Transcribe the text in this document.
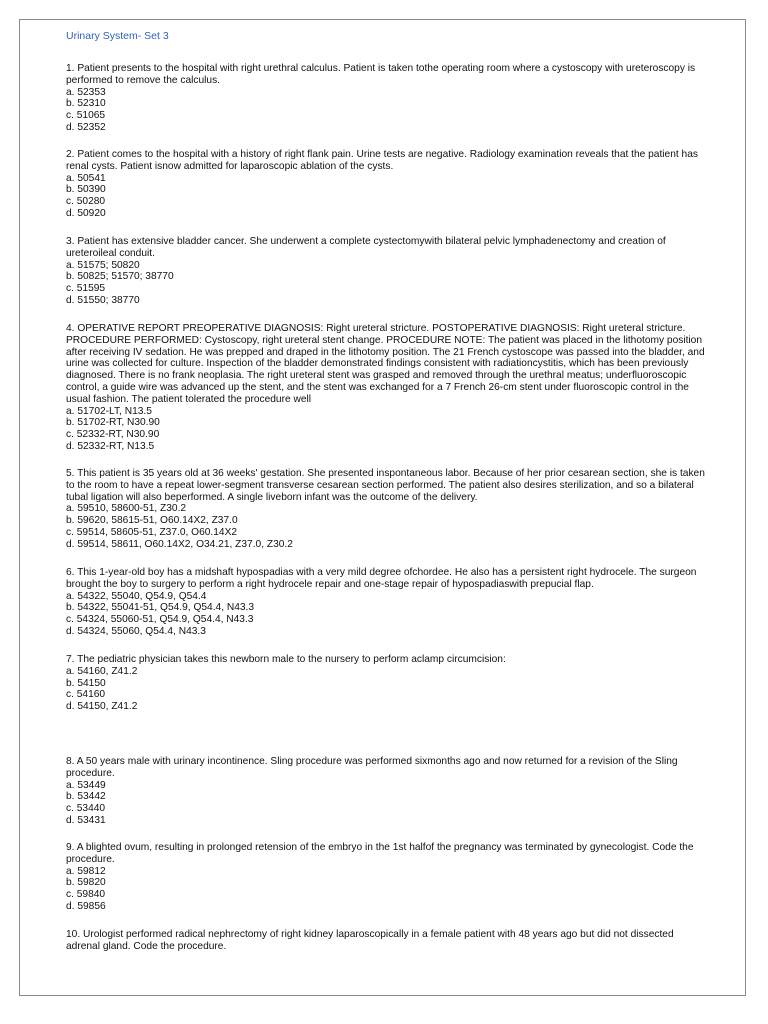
Urinary System- Set 3
1. Patient presents to the hospital with right urethral calculus. Patient is taken tothe operating room where a cystoscopy with ureteroscopy is performed to remove the calculus.
a. 52353
b. 52310
c. 51065
d. 52352
2. Patient comes to the hospital with a history of right flank pain. Urine tests are negative. Radiology examination reveals that the patient has renal cysts. Patient isnow admitted for laparoscopic ablation of the cysts.
a. 50541
b. 50390
c. 50280
d. 50920
3. Patient has extensive bladder cancer. She underwent a complete cystectomywith bilateral pelvic lymphadenectomy and creation of ureteroileal conduit.
a. 51575; 50820
b. 50825; 51570; 38770
c. 51595
d. 51550; 38770
4. OPERATIVE REPORT PREOPERATIVE DIAGNOSIS: Right ureteral stricture. POSTOPERATIVE DIAGNOSIS: Right ureteral stricture. PROCEDURE PERFORMED: Cystoscopy, right ureteral stent change. PROCEDURE NOTE: The patient was placed in the lithotomy position after receiving IV sedation. He was prepped and draped in the lithotomy position. The 21 French cystoscope was passed into the bladder, and urine was collected for culture. Inspection of the bladder demonstrated findings consistent with radiationcystitis, which has been previously diagnosed. There is no frank neoplasia. The right ureteral stent was grasped and removed through the urethral meatus; underfluoroscopic control, a guide wire was advanced up the stent, and the stent was exchanged for a 7 French 26-cm stent under fluoroscopic control in the usual fashion. The patient tolerated the procedure well
a. 51702-LT, N13.5
b. 51702-RT, N30.90
c. 52332-RT, N30.90
d. 52332-RT, N13.5
5. This patient is 35 years old at 36 weeks' gestation. She presented inspontaneous labor. Because of her prior cesarean section, she is taken to the room to have a repeat lower-segment transverse cesarean section performed. The patient also desires sterilization, and so a bilateral tubal ligation will also beperformed. A single liveborn infant was the outcome of the delivery.
a. 59510, 58600-51, Z30.2
b. 59620, 58615-51, O60.14X2, Z37.0
c. 59514, 58605-51, Z37.0, O60.14X2
d. 59514, 58611, O60.14X2, O34.21, Z37.0, Z30.2
6. This 1-year-old boy has a midshaft hypospadias with a very mild degree ofchordee. He also has a persistent right hydrocele. The surgeon brought the boy to surgery to perform a right hydrocele repair and one-stage repair of hypospadiaswith prepucial flap.
a. 54322, 55040, Q54.9, Q54.4
b. 54322, 55041-51, Q54.9, Q54.4, N43.3
c. 54324, 55060-51, Q54.9, Q54.4, N43.3
d. 54324, 55060, Q54.4, N43.3
7. The pediatric physician takes this newborn male to the nursery to perform aclamp circumcision:
a. 54160, Z41.2
b. 54150
c. 54160
d. 54150, Z41.2
8. A 50 years male with urinary incontinence. Sling procedure was performed sixmonths ago and now returned for a revision of the Sling procedure.
a. 53449
b. 53442
c. 53440
d. 53431
9. A blighted ovum, resulting in prolonged retension of the embryo in the 1st halfof the pregnancy was terminated by gynecologist. Code the procedure.
a. 59812
b. 59820
c. 59840
d. 59856
10. Urologist performed radical nephrectomy of right kidney laparoscopically in a female patient with 48 years ago but did not dissected adrenal gland. Code the procedure.
